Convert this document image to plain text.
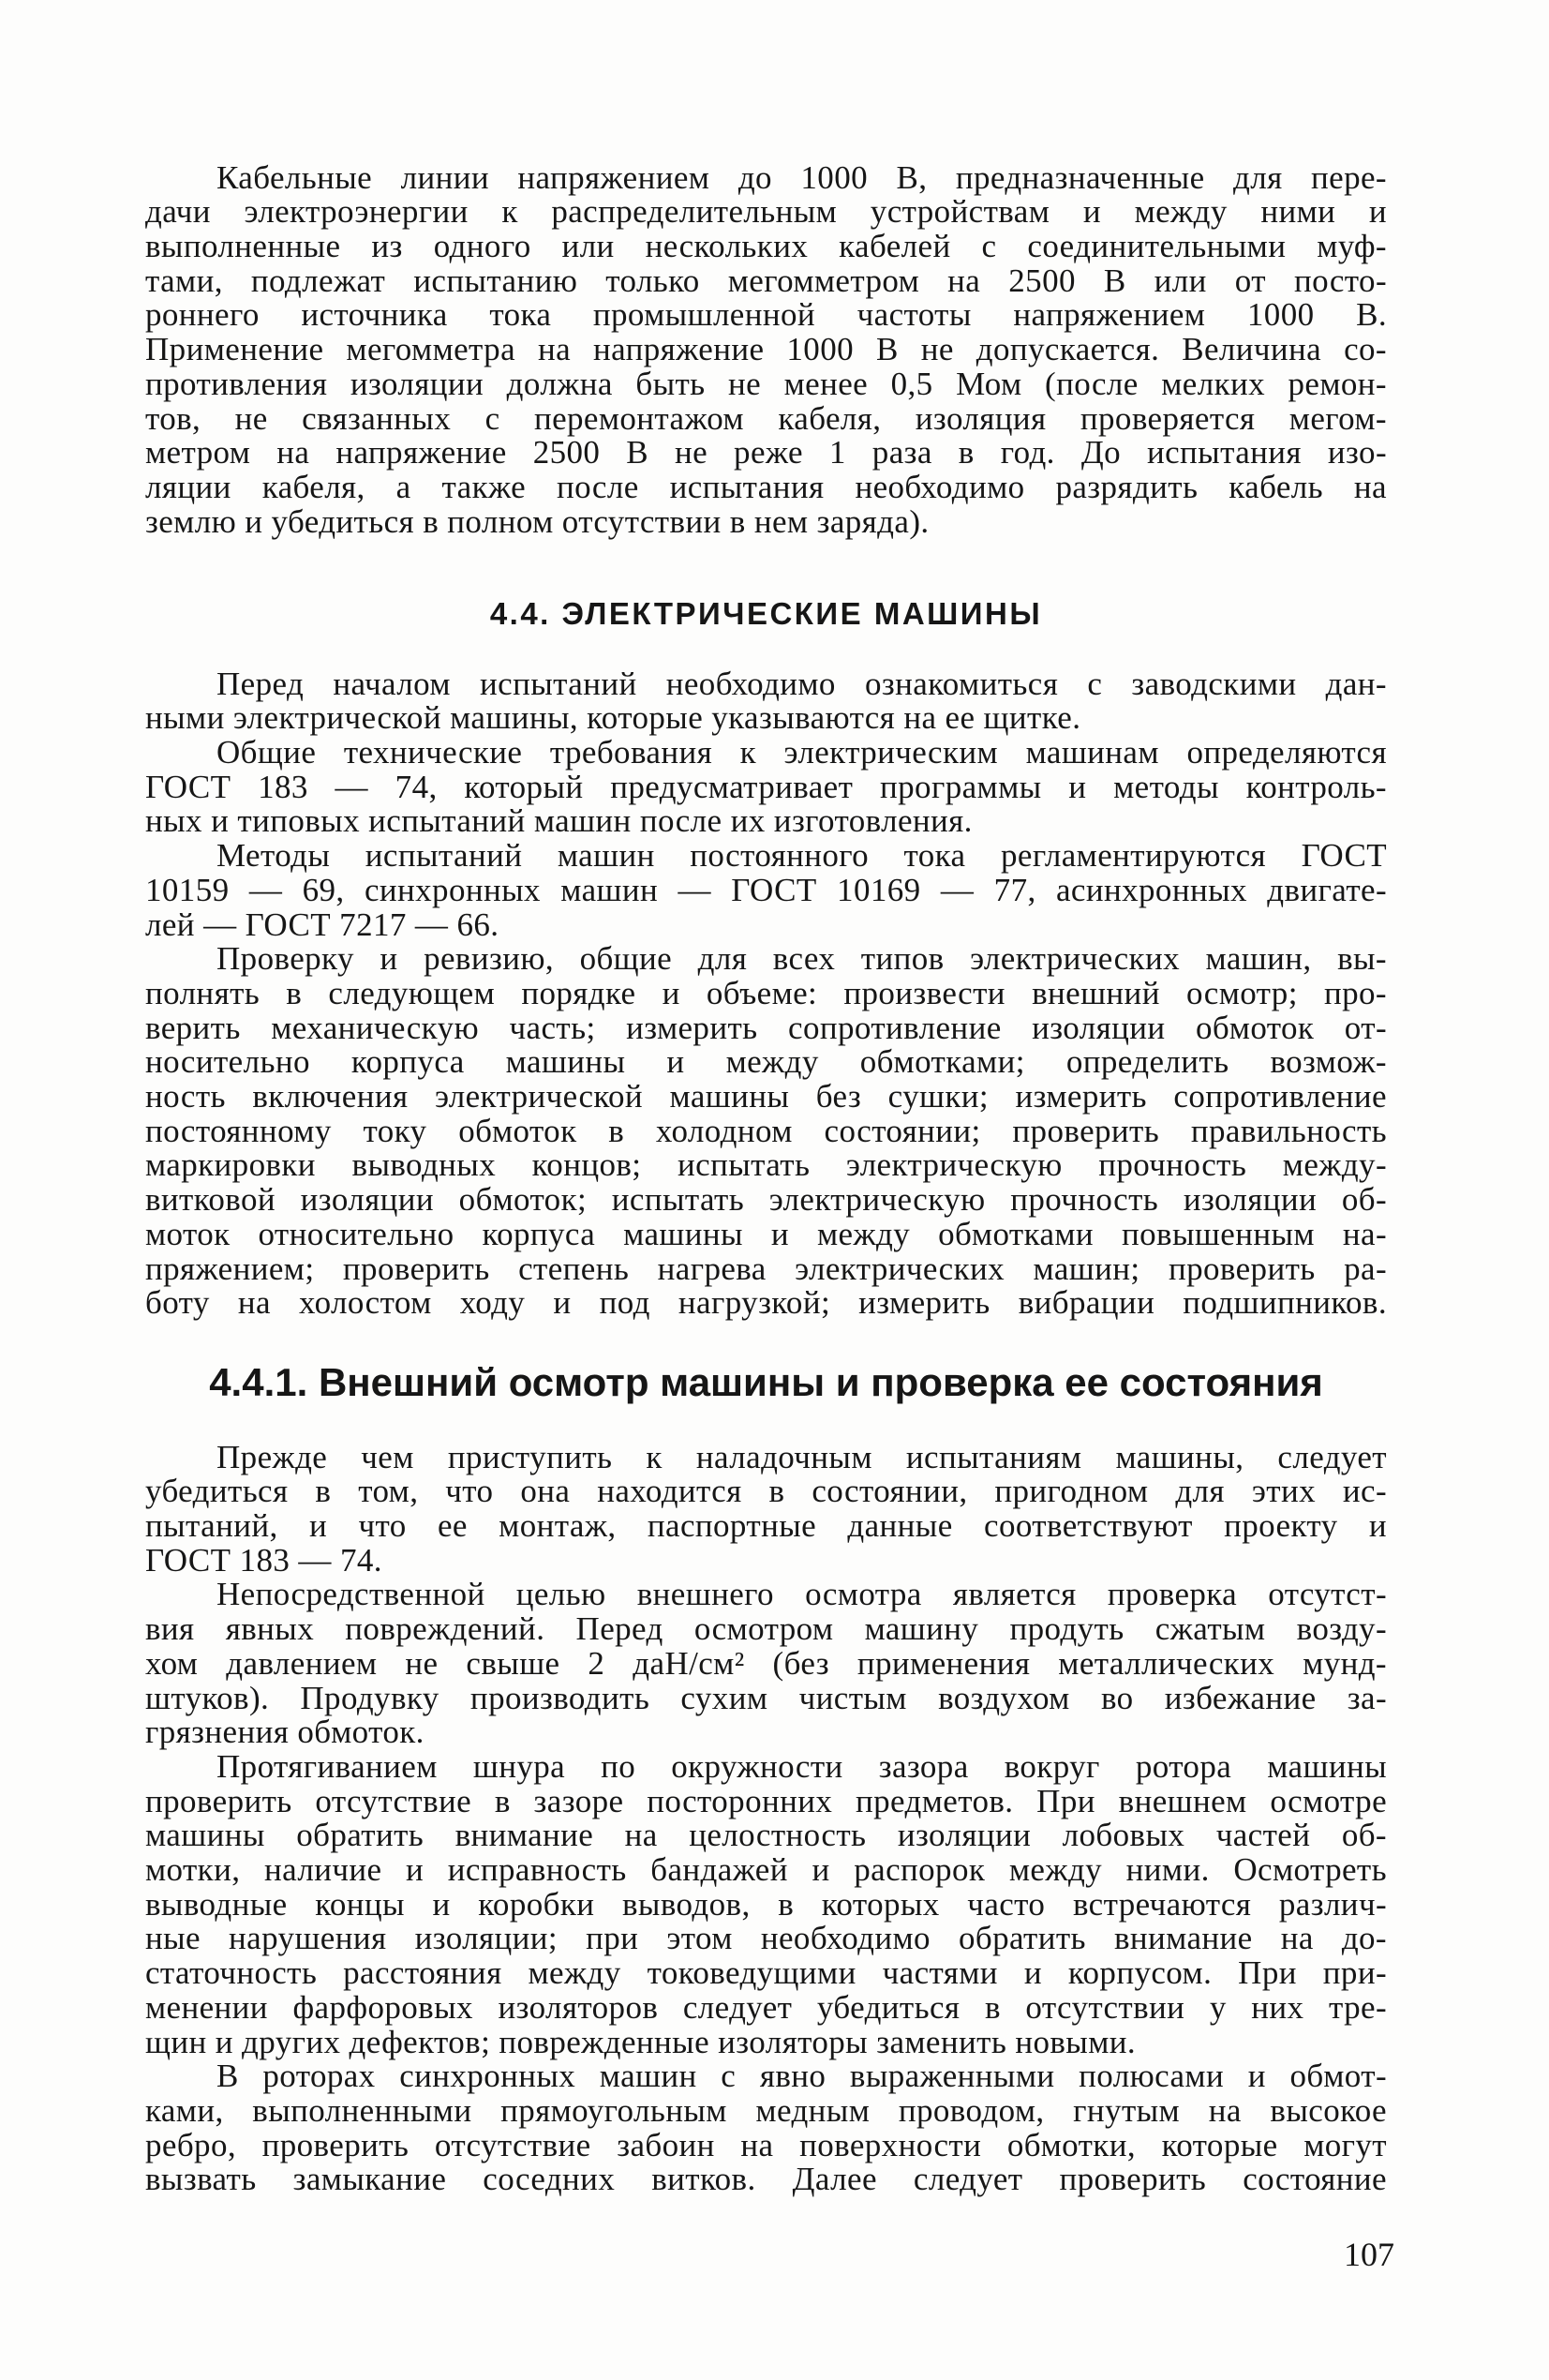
Кабельные линии напряжением до 1000 В, предназначенные для пере-
дачи электроэнергии к распределительным устройствам и между ними и
выполненные из одного или нескольких кабелей с соединительными муф-
тами, подлежат испытанию только мегомметром на 2500 В или от посто-
роннего источника тока промышленной частоты напряжением 1000 В.
Применение мегомметра на напряжение 1000 В не допускается. Величина со-
противления изоляции должна быть не менее 0,5 Мом (после мелких ремон-
тов, не связанных с перемонтажом кабеля, изоляция проверяется мегом-
метром на напряжение 2500 В не реже 1 раза в год. До испытания изо-
ляции кабеля, а также после испытания необходимо разрядить кабель на
землю и убедиться в полном отсутствии в нем заряда).
4.4. ЭЛЕКТРИЧЕСКИЕ МАШИНЫ
Перед началом испытаний необходимо ознакомиться с заводскими дан-
ными электрической машины, которые указываются на ее щитке.
Общие технические требования к электрическим машинам определяются
ГОСТ 183 — 74, который предусматривает программы и методы контроль-
ных и типовых испытаний машин после их изготовления.
Методы испытаний машин постоянного тока регламентируются ГОСТ
10159 — 69, синхронных машин — ГОСТ 10169 — 77, асинхронных двигате-
лей — ГОСТ 7217 — 66.
Проверку и ревизию, общие для всех типов электрических машин, вы-
полнять в следующем порядке и объеме: произвести внешний осмотр; про-
верить механическую часть; измерить сопротивление изоляции обмоток от-
носительно корпуса машины и между обмотками; определить возмож-
ность включения электрической машины без сушки; измерить сопротивление
постоянному току обмоток в холодном состоянии; проверить правильность
маркировки выводных концов; испытать электрическую прочность между-
витковой изоляции обмоток; испытать электрическую прочность изоляции об-
моток относительно корпуса машины и между обмотками повышенным на-
пряжением; проверить степень нагрева электрических машин; проверить ра-
боту на холостом ходу и под нагрузкой; измерить вибрации подшипников.
4.4.1. Внешний осмотр машины и проверка ее состояния
Прежде чем приступить к наладочным испытаниям машины, следует
убедиться в том, что она находится в состоянии, пригодном для этих ис-
пытаний, и что ее монтаж, паспортные данные соответствуют проекту и
ГОСТ 183 — 74.
Непосредственной целью внешнего осмотра является проверка отсутст-
вия явных повреждений. Перед осмотром машину продуть сжатым возду-
хом давлением не свыше 2 даН/см² (без применения металлических мунд-
штуков). Продувку производить сухим чистым воздухом во избежание за-
грязнения обмоток.
Протягиванием шнура по окружности зазора вокруг ротора машины
проверить отсутствие в зазоре посторонних предметов. При внешнем осмотре
машины обратить внимание на целостность изоляции лобовых частей об-
мотки, наличие и исправность бандажей и распорок между ними. Осмотреть
выводные концы и коробки выводов, в которых часто встречаются различ-
ные нарушения изоляции; при этом необходимо обратить внимание на до-
статочность расстояния между токоведущими частями и корпусом. При при-
менении фарфоровых изоляторов следует убедиться в отсутствии у них тре-
щин и других дефектов; поврежденные изоляторы заменить новыми.
В роторах синхронных машин с явно выраженными полюсами и обмот-
ками, выполненными прямоугольным медным проводом, гнутым на высокое
ребро, проверить отсутствие забоин на поверхности обмотки, которые могут
вызвать замыкание соседних витков. Далее следует проверить состояние
107
